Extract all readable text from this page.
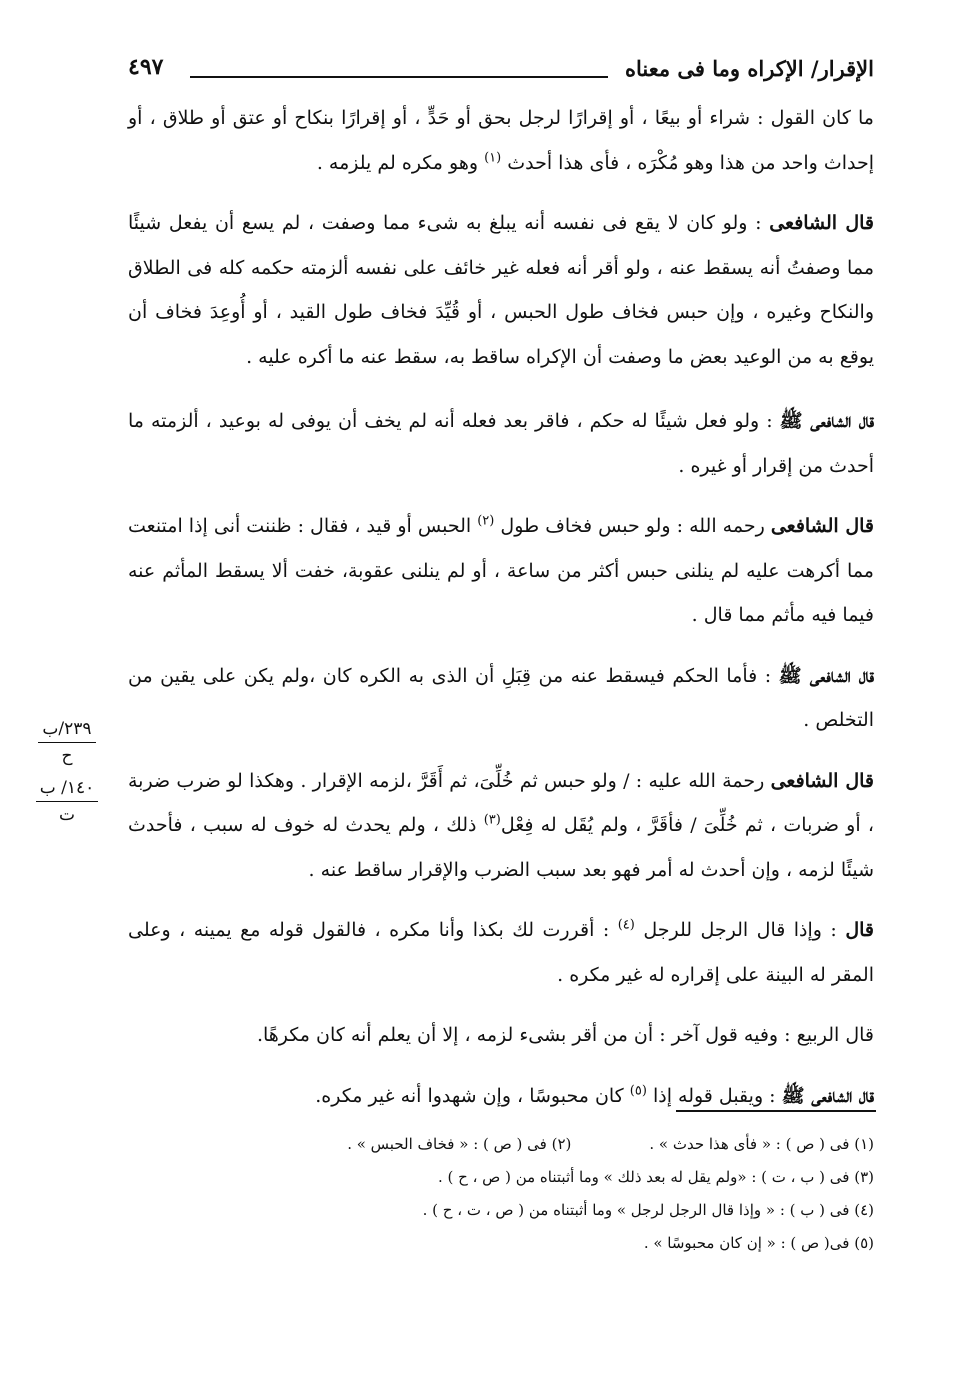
٤٩٧	الإقرار/ الإكراه وما فى معناه

ما كان القول : شراء أو بيعًا ، أو إقرارًا لرجل بحق أو حَدٍّ ، أو إقرارًا بنكاح أو عتق أو طلاق ، أو إحداث واحد من هذا وهو مُكْرَه ، فأى هذا أحدث $^{(١)}$ وهو مكره لم يلزمه .

قال الشافعى : ولو كان لا يقع فى نفسه أنه يبلغ به شىء مما وصفت ، لم يسع أن يفعل شيئًا مما وصفتُ أنه يسقط عنه ، ولو أقر أنه فعله غير خائف على نفسه ألزمته حكمه كله فى الطلاق والنكاح وغيره ، وإن حبس فخاف طول الحبس ، أو قُيِّدَ فخاف طول القيد ، أو أُوعِدَ فخاف أن يوقع به من الوعيد بعض ما وصفت أن الإكراه ساقط به، سقط عنه ما أكره عليه .

قال الشافعى ﷺ : ولو فعل شيئًا له حكم ، فاقر بعد فعله أنه لم يخف أن يوفى له بوعيد ، ألزمته ما أحدث من إقرار أو غيره .

قال الشافعى رحمه الله : ولو حبس فخاف طول $^{(٢)}$ الحبس أو قيد ، فقال : ظننت أنى إذا امتنعت مما أكرهت عليه لم ينلنى حبس أكثر من ساعة ، أو لم ينلنى عقوبة، خفت ألا يسقط المأثم عنه فيما فيه مأثم مما قال .

قال الشافعى ﷺ : فأما الحكم فيسقط عنه من قِبَلِ أن الذى به الكره كان ،ولم يكن على يقين من التخلص .

قال الشافعى رحمة الله عليه : / ولو حبس ثم خُلِّىَ، ثم أَقَرَّ ،لزمه الإقرار . وهكذا لو ضرب ضربة ، أو ضربات ، ثم خُلِّىَ / فأقَرَّ ، ولم يُقَل له فِعْل$^{(٣)}$ ذلك ، ولم يحدث له خوف له سبب ، فأحدث شيئًا لزمه ، وإن أحدث له أمر فهو بعد سبب الضرب والإقرار ساقط عنه .

قال : وإذا قال الرجل للرجل $^{(٤)}$ : أقررت لك بكذا وأنا مكره ، فالقول قوله مع يمينه ، وعلى المقر له البينة على إقراره له غير مكره .

قال الربيع : وفيه قول آخر : أن من أقر بشىء لزمه ، إلا أن يعلم أنه كان مكرهًا.

قال الشافعى ﷺ : ويقبل قوله إذا $^{(٥)}$ كان محبوسًا ، وإن شهدوا أنه غير مكره.

٢٣٩/ب
ح
١٤٠/ ب
ت
(١) فى ( ص ) : « فأى هذا حدث » .(٢) فى ( ص ) : « فخاف الحبس » .
(٣) فى ( ب ، ت ) : «ولم يقل له بعد ذلك » وما أثبتناه من ( ص ، ح ) .
(٤) فى ( ب ) : « وإذا قال الرجل لرجل » وما أثبتناه من ( ص ، ت ، ح ) .
(٥) فى( ص ) : « إن كان محبوسًا » .
